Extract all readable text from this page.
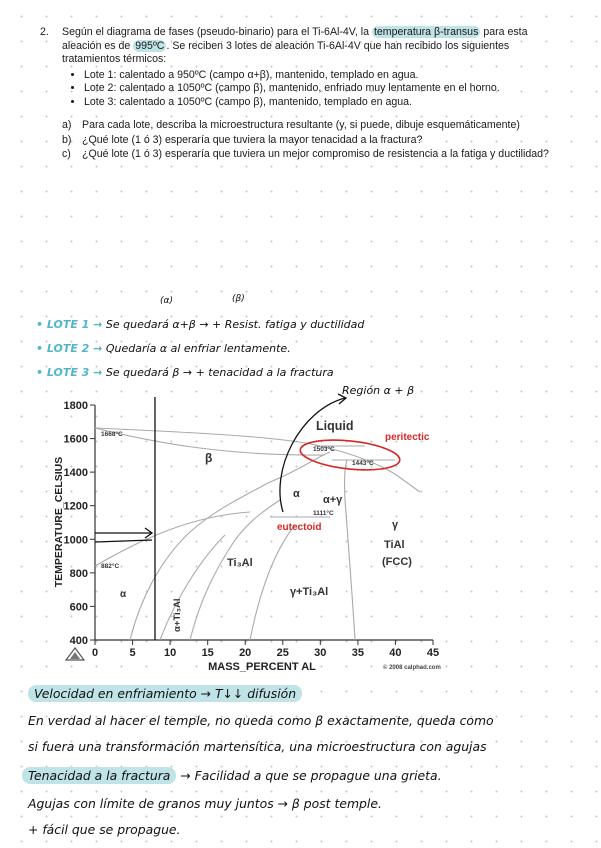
2. Según el diagrama de fases (pseudo-binario) para el Ti-6Al-4V, la temperatura β-transus para esta aleación es de 995ºC . Se reciben 3 lotes de aleación Ti-6Al-4V que han recibido los siguientes tratamientos térmicos:
• Lote 1: calentado a 950ºC (campo α+β), mantenido, templado en agua.
• Lote 2: calentado a 1050ºC (campo β), mantenido, enfriado muy lentamente en el horno.
• Lote 3: calentado a 1050ºC (campo β), mantenido, templado en agua.
a) Para cada lote, describa la microestructura resultante (y, si puede, dibuje esquemáticamente)
b) ¿Qué lote (1 ó 3) esperaría que tuviera la mayor tenacidad a la fractura?
c)	¿Qué lote (1 ó 3) esperaría que tuviera un mejor compromiso de resistencia a la fatiga y ductilidad?
(α)	(β)
• LOTE 1 → Se quedará α+β → + Resist. fatiga y ductilidad
• LOTE 2 → Quedaría α al enfriar lentamente.
• LOTE 3 → Se quedará β → + tenacidad a la fractura
Región α + β
1800
1600
1400
1200
1000
800
600
400
0	5	10 15 20 25 30 35 40 45
TEMPERATURE_CELSIUS
MASS_PERCENT AL	© 2008 calphad.com
1668°C
882°C
1503°C
1443°C
1111°C
Liquid
peritectic
eutectoid
β
α α+γ
γ
TiAl
(FCC)
Ti₃Al
γ+Ti₃Al
α
α+Ti₃Al
Velocidad en enfriamiento → T↓↓ difusión
En verdad al hacer el temple, no queda como β exactamente, queda como
si fuera una transformación martensítica, una microestructura con agujas
Tenacidad a la fractura → Facilidad a que se propague una grieta.
Agujas con límite de granos muy juntos → β post temple.
+ fácil que se propague.
